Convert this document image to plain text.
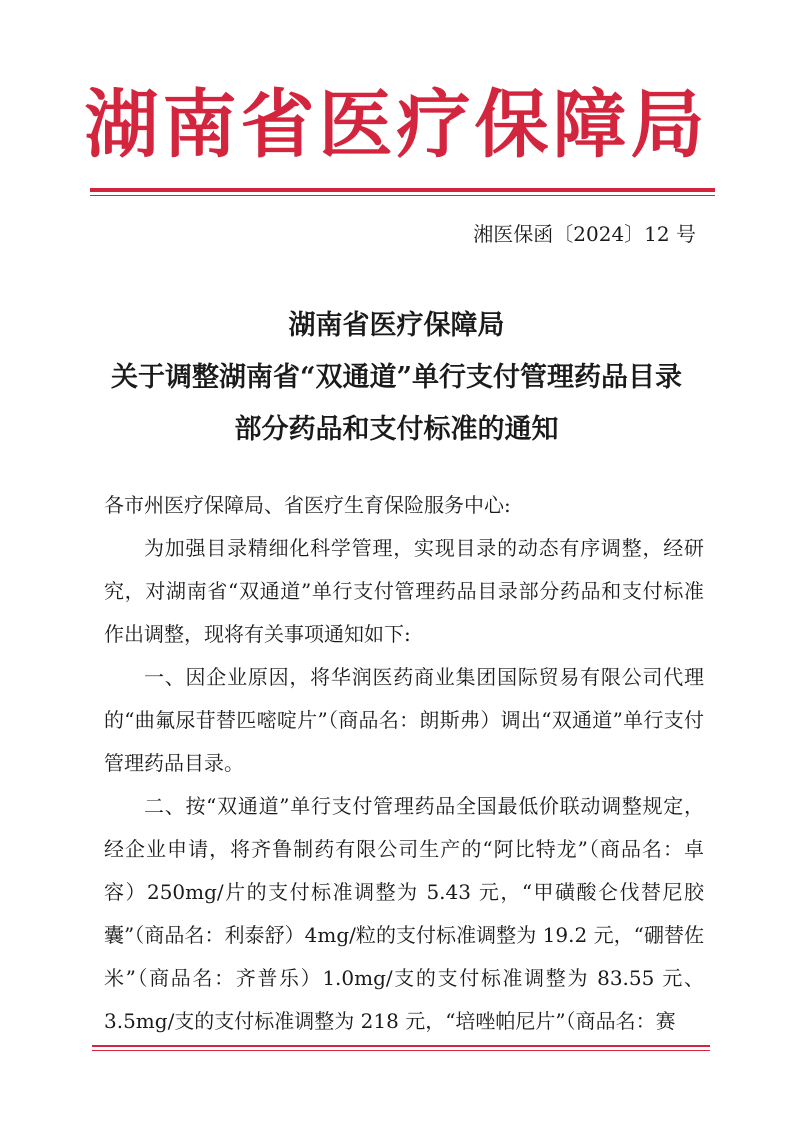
湖南省医疗保障局
湘医保函〔2024〕12 号
湖南省医疗保障局
关于调整湖南省“双通道”单行支付管理药品目录
部分药品和支付标准的通知

各市州医疗保障局、省医疗生育保险服务中心:

为加强目录精细化科学管理，实现目录的动态有序调整，经研究，对湖南省“双通道”单行支付管理药品目录部分药品和支付标准作出调整，现将有关事项通知如下:

一、因企业原因，将华润医药商业集团国际贸易有限公司代理的“曲氟尿苷替匹嘧啶片”（商品名：朗斯弗）调出“双通道”单行支付管理药品目录。

二、按“双通道”单行支付管理药品全国最低价联动调整规定，经企业申请，将齐鲁制药有限公司生产的“阿比特龙”（商品名：卓容）250mg/片的支付标准调整为 5.43 元，“甲磺酸仑伐替尼胶囊”（商品名：利泰舒）4mg/粒的支付标准调整为 19.2 元，“硼替佐米”（商品名：齐普乐）1.0mg/支的支付标准调整为 83.55 元、3.5mg/支的支付标准调整为 218 元，“培唑帕尼片”（商品名：赛
